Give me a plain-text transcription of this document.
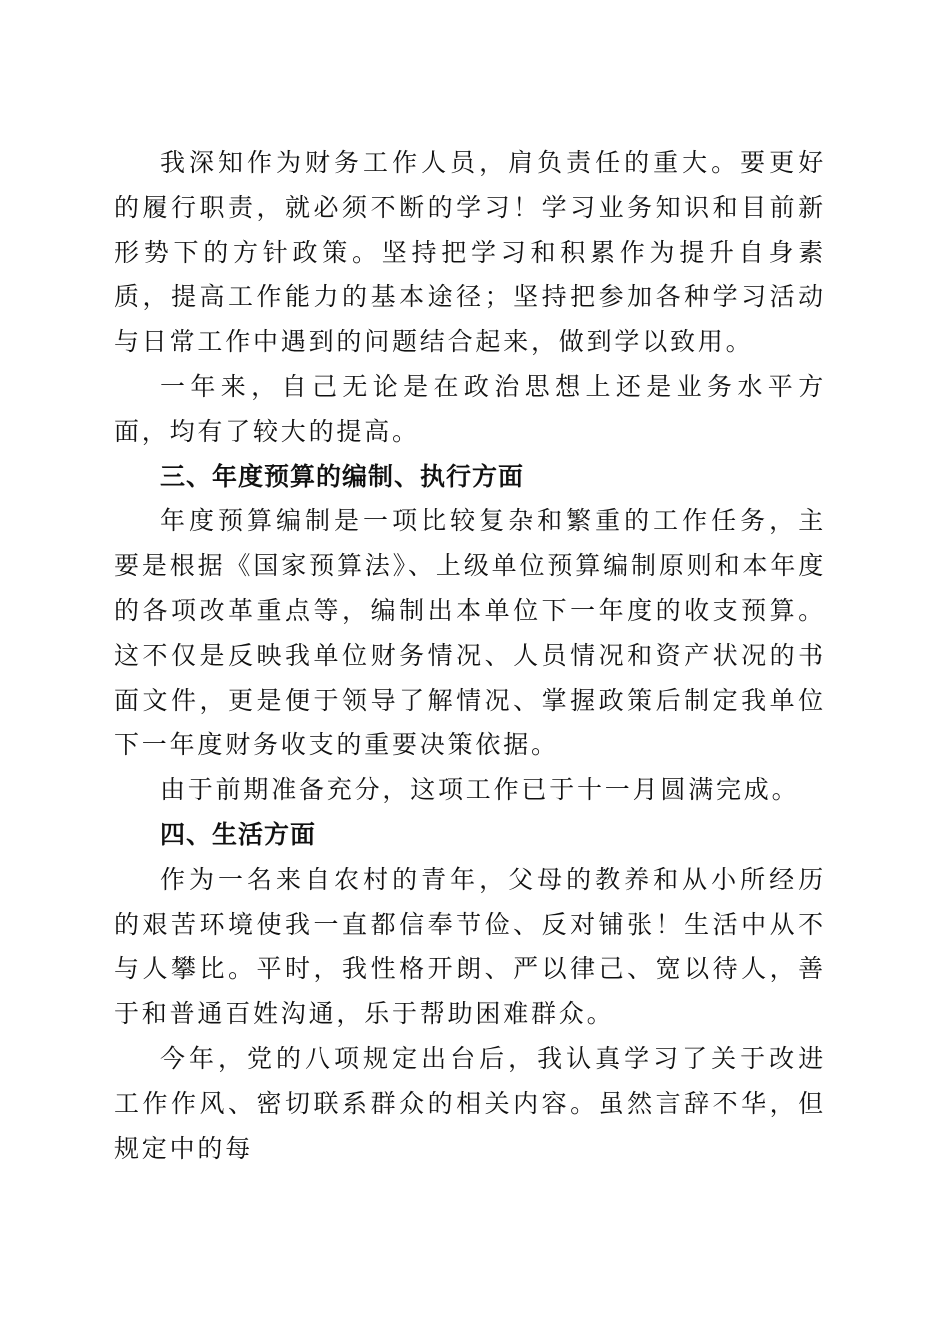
我深知作为财务工作人员，肩负责任的重大。要更好的履行职责，就必须不断的学习！学习业务知识和目前新形势下的方针政策。坚持把学习和积累作为提升自身素质，提高工作能力的基本途径；坚持把参加各种学习活动与日常工作中遇到的问题结合起来，做到学以致用。

一年来，自己无论是在政治思想上还是业务水平方面，均有了较大的提高。

三、年度预算的编制、执行方面

年度预算编制是一项比较复杂和繁重的工作任务，主要是根据《国家预算法》、上级单位预算编制原则和本年度的各项改革重点等，编制出本单位下一年度的收支预算。这不仅是反映我单位财务情况、人员情况和资产状况的书面文件，更是便于领导了解情况、掌握政策后制定我单位下一年度财务收支的重要决策依据。

由于前期准备充分，这项工作已于十一月圆满完成。

四、生活方面

作为一名来自农村的青年，父母的教养和从小所经历的艰苦环境使我一直都信奉节俭、反对铺张！生活中从不与人攀比。平时，我性格开朗、严以律己、宽以待人，善于和普通百姓沟通，乐于帮助困难群众。

今年，党的八项规定出台后，我认真学习了关于改进工作作风、密切联系群众的相关内容。虽然言辞不华，但规定中的每
